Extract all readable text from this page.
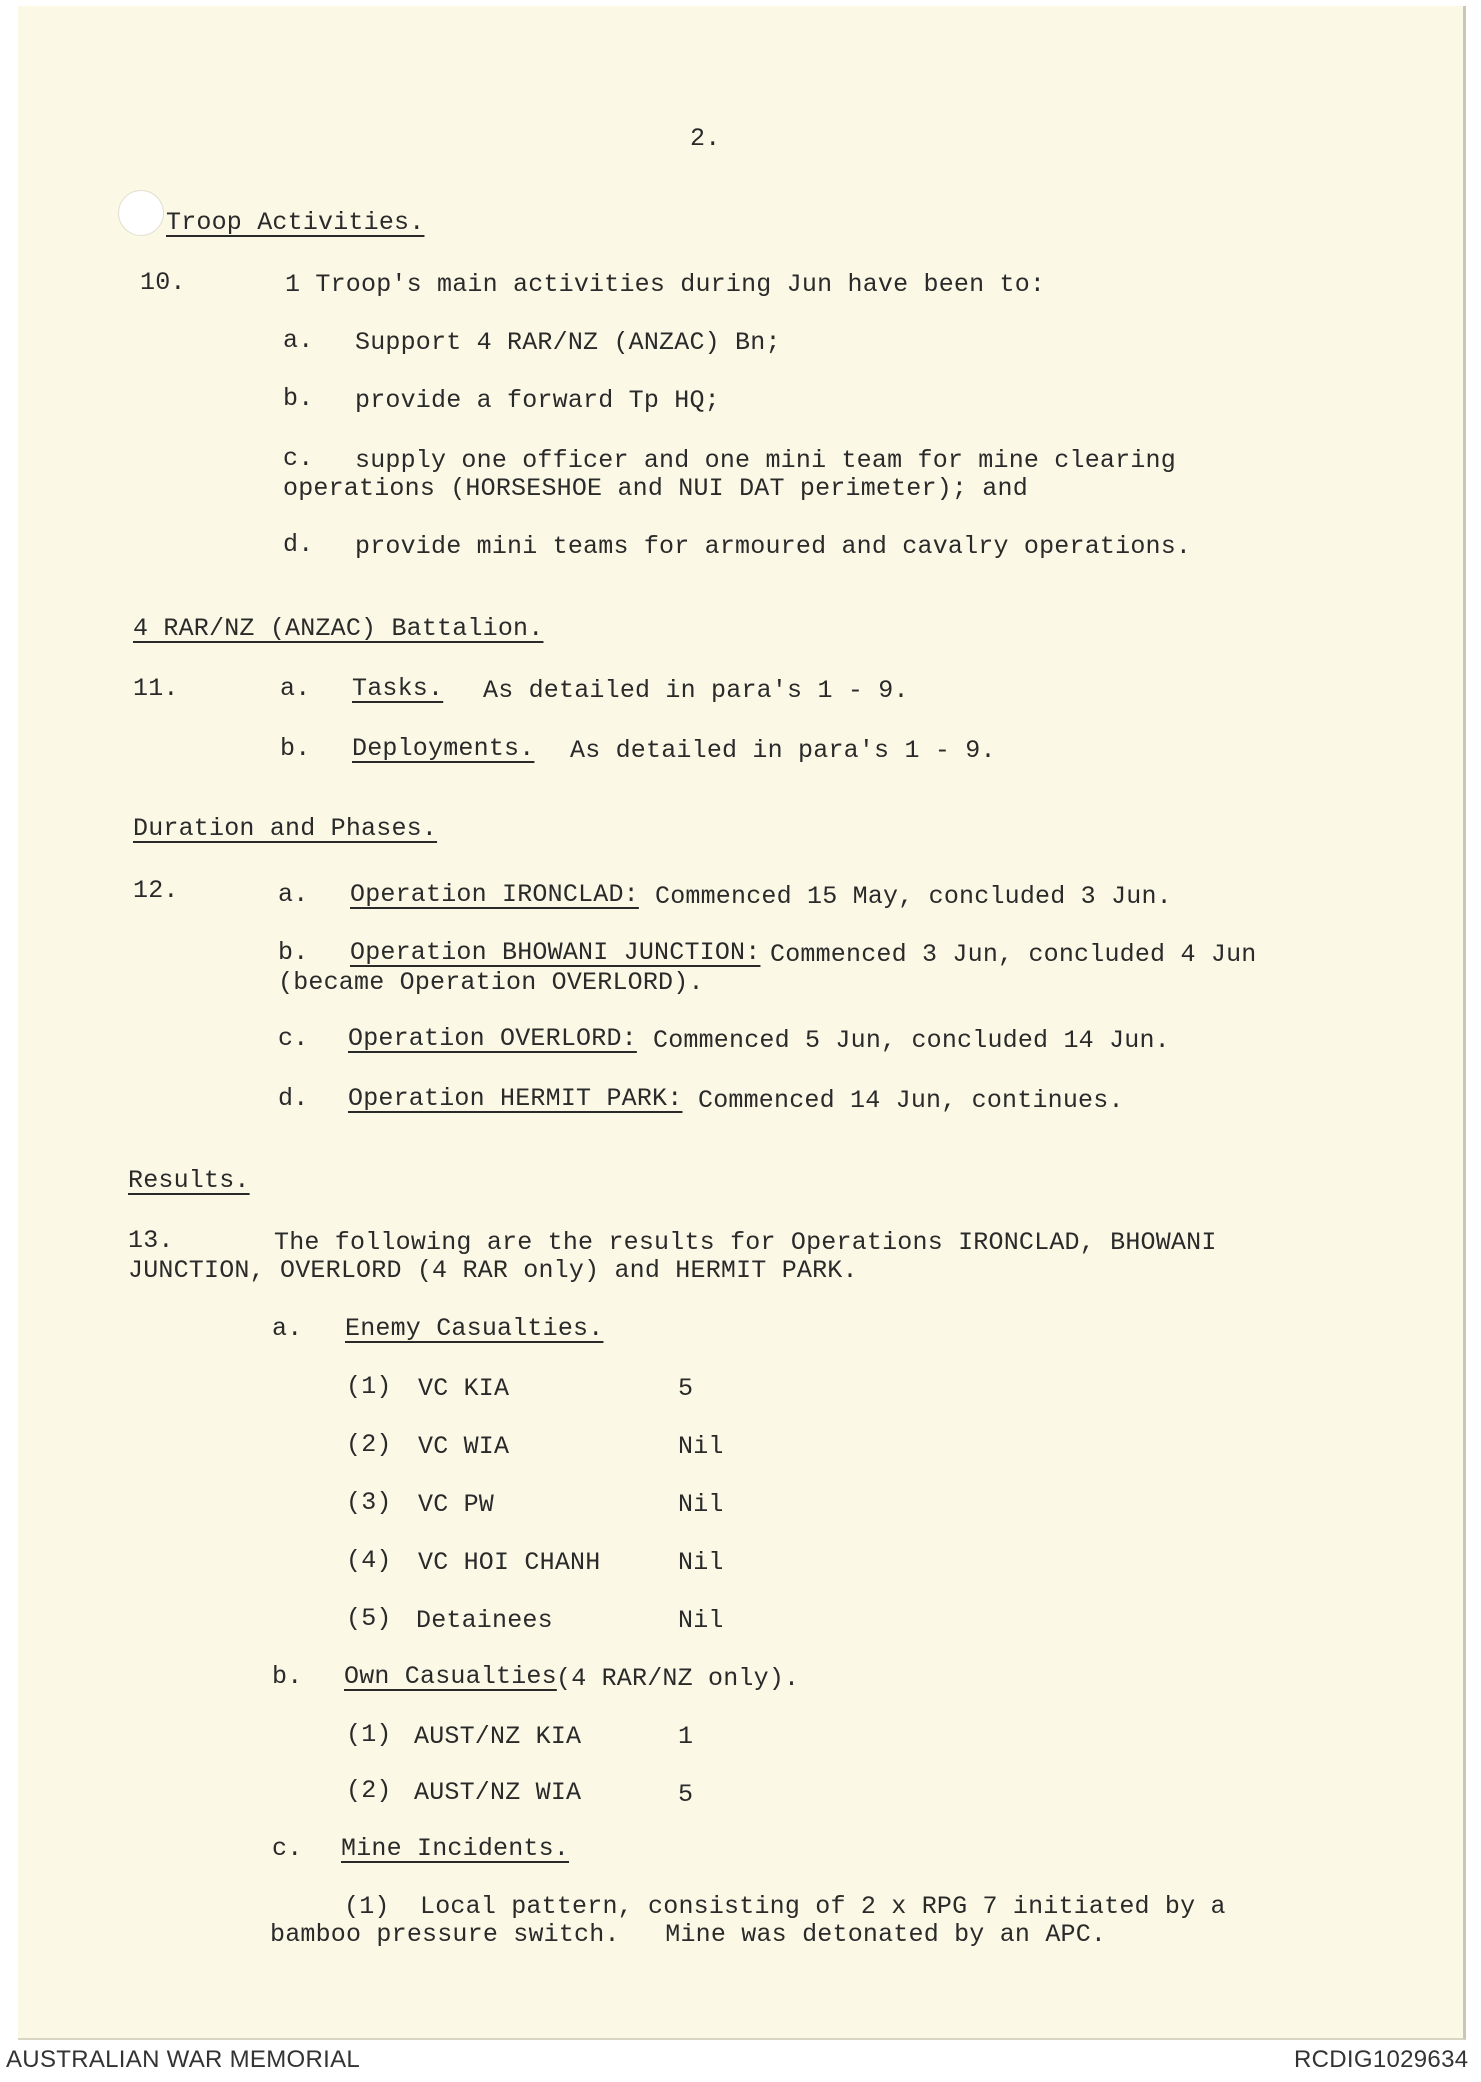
2.
Troop Activities.
10.	1 Troop's main activities during Jun have been to:
a. Support 4 RAR/NZ (ANZAC) Bn;
b. provide a forward Tp HQ;
c. supply one officer and one mini team for mine clearing
operations (HORSESHOE and NUI DAT perimeter); and
d. provide mini teams for armoured and cavalry operations.
4 RAR/NZ (ANZAC) Battalion.
11.	a. Tasks. As detailed in para's 1 - 9.
b. Deployments. As detailed in para's 1 - 9.
Duration and Phases.
12.	a. Operation IRONCLAD: Commenced 15 May, concluded 3 Jun.
b. Operation BHOWANI JUNCTION: Commenced 3 Jun, concluded 4 Jun
(became Operation OVERLORD).
c. Operation OVERLORD: Commenced 5 Jun, concluded 14 Jun.
d. Operation HERMIT PARK: Commenced 14 Jun, continues.
Results.
13.	The following are the results for Operations IRONCLAD, BHOWANI
JUNCTION, OVERLORD (4 RAR only) and HERMIT PARK.
a. Enemy Casualties.
(1) VC KIA	5
(2) VC WIA	Nil
(3) VC PW	Nil
(4) VC HOI CHANH	Nil
(5) Detainees	Nil
b. Own Casualties (4 RAR/NZ only).
(1) AUST/NZ KIA	1
(2) AUST/NZ WIA	5
c. Mine Incidents.
(1)  Local pattern, consisting of 2 x RPG 7 initiated by a
bamboo pressure switch.   Mine was detonated by an APC.
AUSTRALIAN WAR MEMORIAL	RCDIG1029634
